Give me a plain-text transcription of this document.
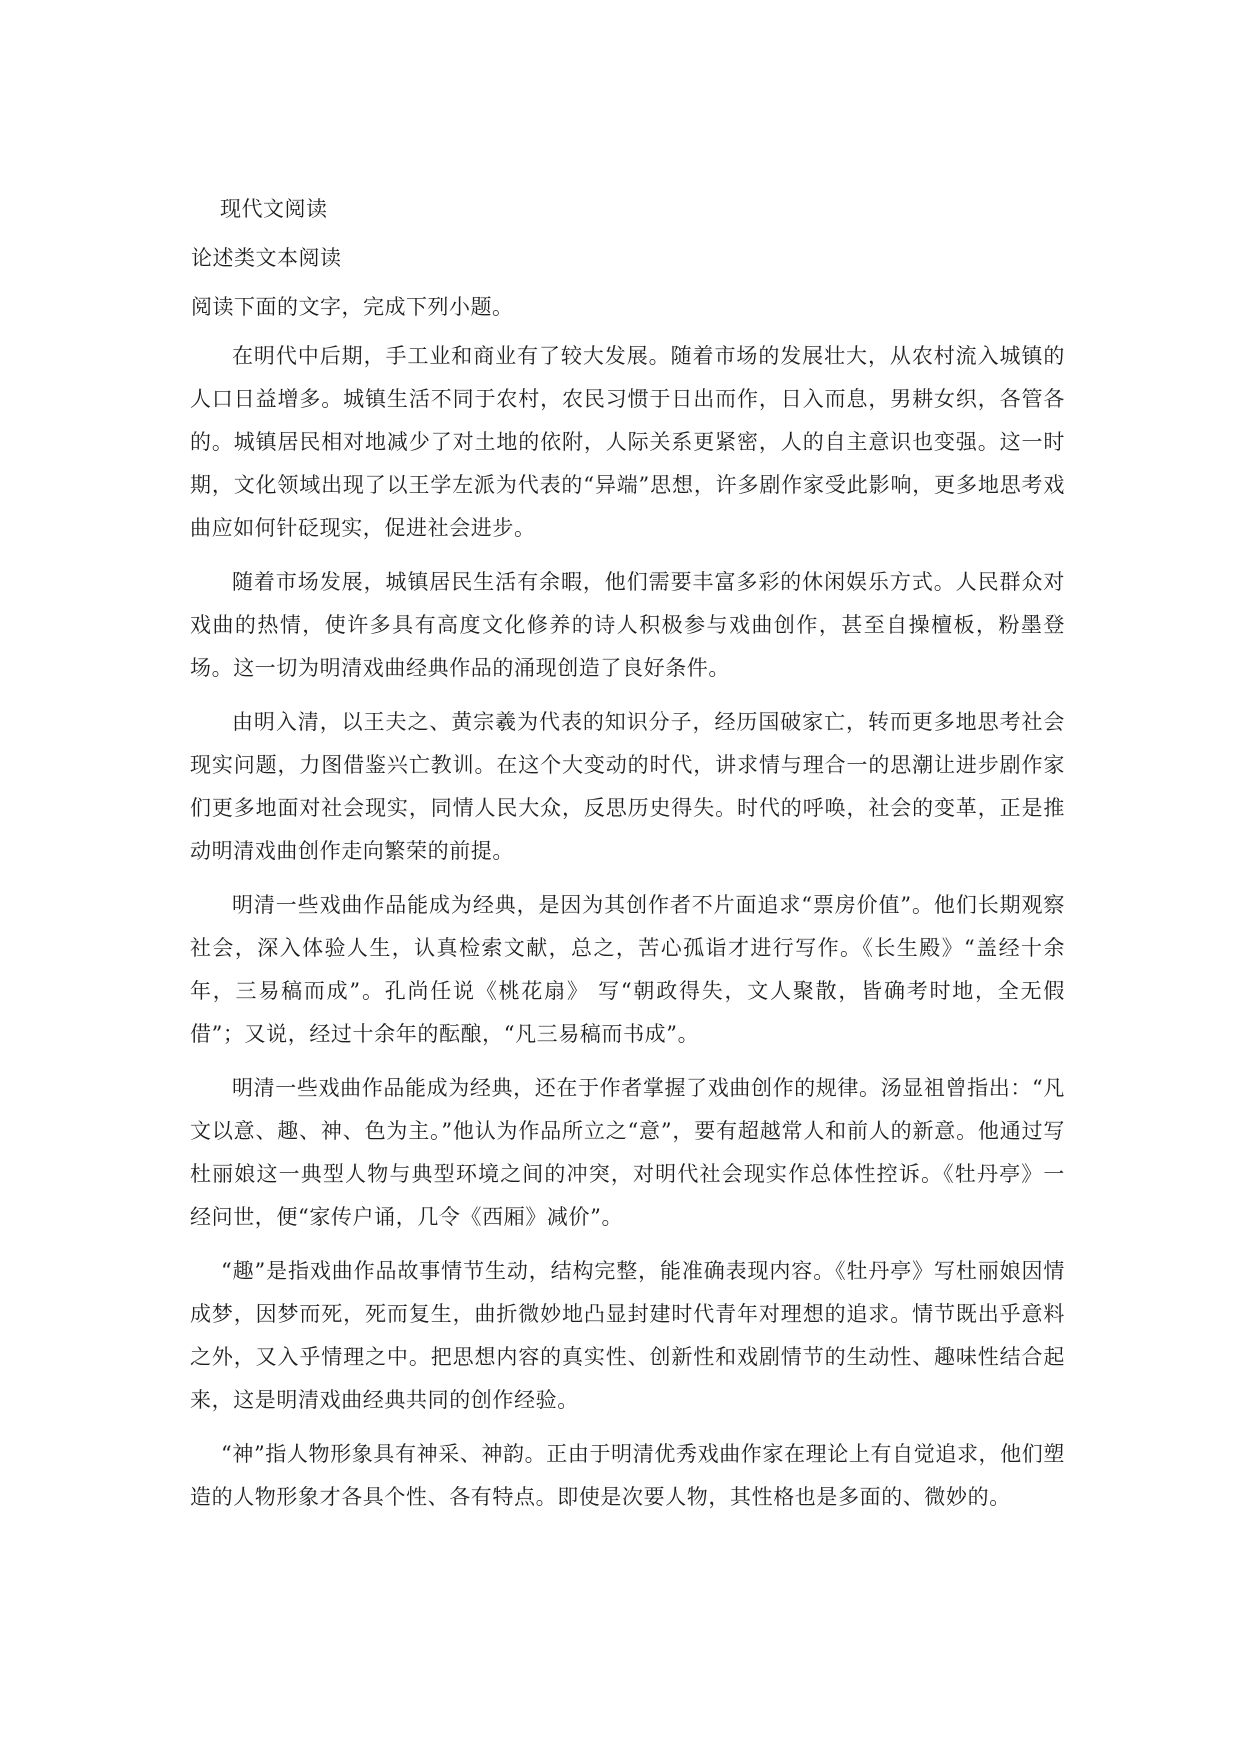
现代文阅读
论述类文本阅读
阅读下面的文字，完成下列小题。

在明代中后期，手工业和商业有了较大发展。随着市场的发展壮大，从农村流入城镇的人口日益增多。城镇生活不同于农村，农民习惯于日出而作，日入而息，男耕女织，各管各的。城镇居民相对地减少了对土地的依附，人际关系更紧密，人的自主意识也变强。这一时期，文化领域出现了以王学左派为代表的“异端”思想，许多剧作家受此影响，更多地思考戏曲应如何针砭现实，促进社会进步。

随着市场发展，城镇居民生活有余暇，他们需要丰富多彩的休闲娱乐方式。人民群众对戏曲的热情，使许多具有高度文化修养的诗人积极参与戏曲创作，甚至自操檀板，粉墨登场。这一切为明清戏曲经典作品的涌现创造了良好条件。

由明入清，以王夫之、黄宗羲为代表的知识分子，经历国破家亡，转而更多地思考社会现实问题，力图借鉴兴亡教训。在这个大变动的时代，讲求情与理合一的思潮让进步剧作家们更多地面对社会现实，同情人民大众，反思历史得失。时代的呼唤，社会的变革，正是推动明清戏曲创作走向繁荣的前提。

明清一些戏曲作品能成为经典，是因为其创作者不片面追求“票房价值”。他们长期观察社会，深入体验人生，认真检索文献，总之，苦心孤诣才进行写作。《长生殿》“盖经十余年，三易稿而成”。孔尚任说《桃花扇》 写“朝政得失，文人聚散，皆确考时地，全无假借”；又说，经过十余年的酝酿，“凡三易稿而书成”。

明清一些戏曲作品能成为经典，还在于作者掌握了戏曲创作的规律。汤显祖曾指出：“凡文以意、趣、神、色为主。”他认为作品所立之“意”，要有超越常人和前人的新意。他通过写杜丽娘这一典型人物与典型环境之间的冲突，对明代社会现实作总体性控诉。《牡丹亭》一经问世，便“家传户诵，几令《西厢》减价”。

“趣”是指戏曲作品故事情节生动，结构完整，能准确表现内容。《牡丹亭》写杜丽娘因情成梦，因梦而死，死而复生，曲折微妙地凸显封建时代青年对理想的追求。情节既出乎意料之外，又入乎情理之中。把思想内容的真实性、创新性和戏剧情节的生动性、趣味性结合起来，这是明清戏曲经典共同的创作经验。

“神”指人物形象具有神采、神韵。正由于明清优秀戏曲作家在理论上有自觉追求，他们塑造的人物形象才各具个性、各有特点。即使是次要人物，其性格也是多面的、微妙的。
